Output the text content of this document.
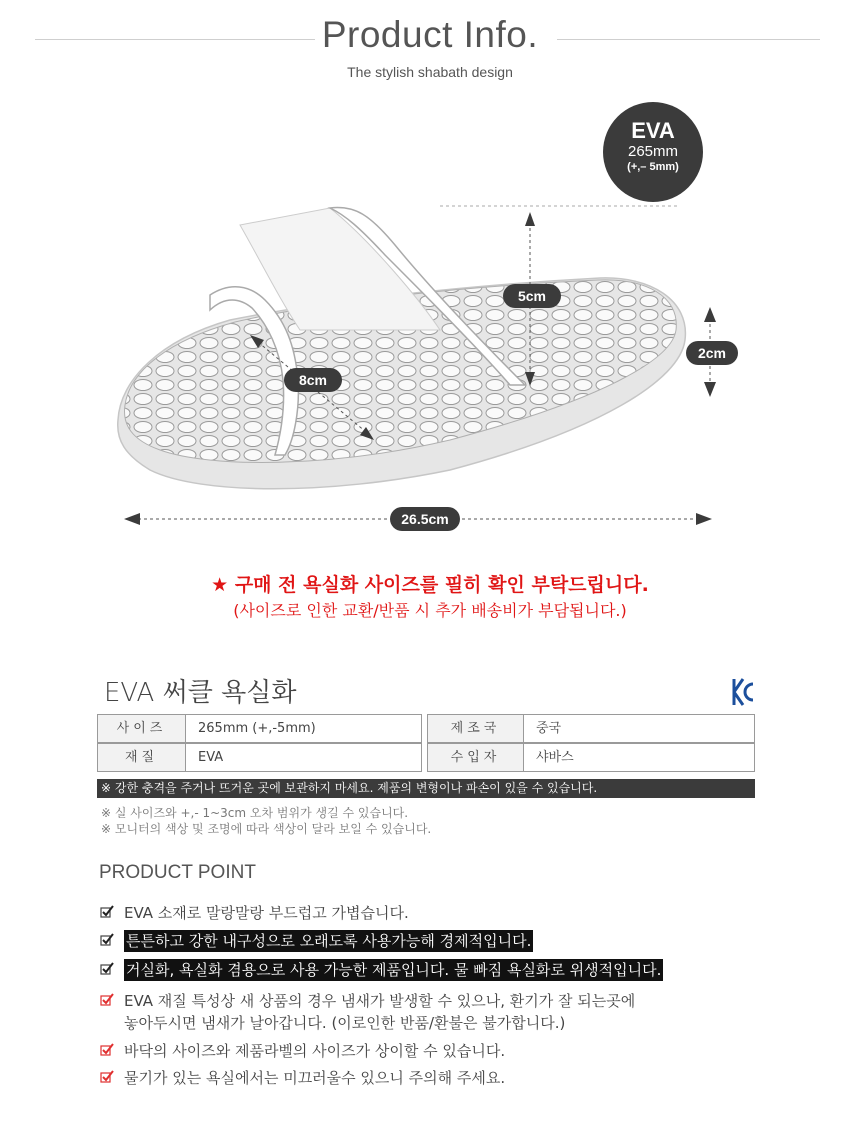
Product Info.
The stylish shabath design
5cm
8cm
2cm
26.5cm
EVA
265mm
(+,– 5mm)
★ 구매 전 욕실화 사이즈를 필히 확인 부탁드립니다.
(사이즈로 인한 교환/반품 시 추가 배송비가 부담됩니다.)
EVA 써클 욕실화
사이즈	265mm (+,-5mm)	제조국	중국
재질	EVA	수입자	샤바스
※ 강한 충격을 주거나 뜨거운 곳에 보관하지 마세요. 제품의 변형이나 파손이 있을 수 있습니다.
※ 실 사이즈와 +,- 1~3cm 오차 범위가 생길 수 있습니다.
※ 모니터의 색상 및 조명에 따라 색상이 달라 보일 수 있습니다.
PRODUCT POINT
EVA 소재로 말랑말랑 부드럽고 가볍습니다.
튼튼하고 강한 내구성으로 오래도록 사용가능해 경제적입니다.
거실화, 욕실화 겸용으로 사용 가능한 제품입니다. 물 빠짐 욕실화로 위생적입니다.
EVA 재질 특성상 새 상품의 경우 냄새가 발생할 수 있으나, 환기가 잘 되는곳에
놓아두시면 냄새가 날아갑니다. (이로인한 반품/환불은 불가합니다.)
바닥의 사이즈와 제품라벨의 사이즈가 상이할 수 있습니다.
물기가 있는 욕실에서는 미끄러울수 있으니 주의해 주세요.
